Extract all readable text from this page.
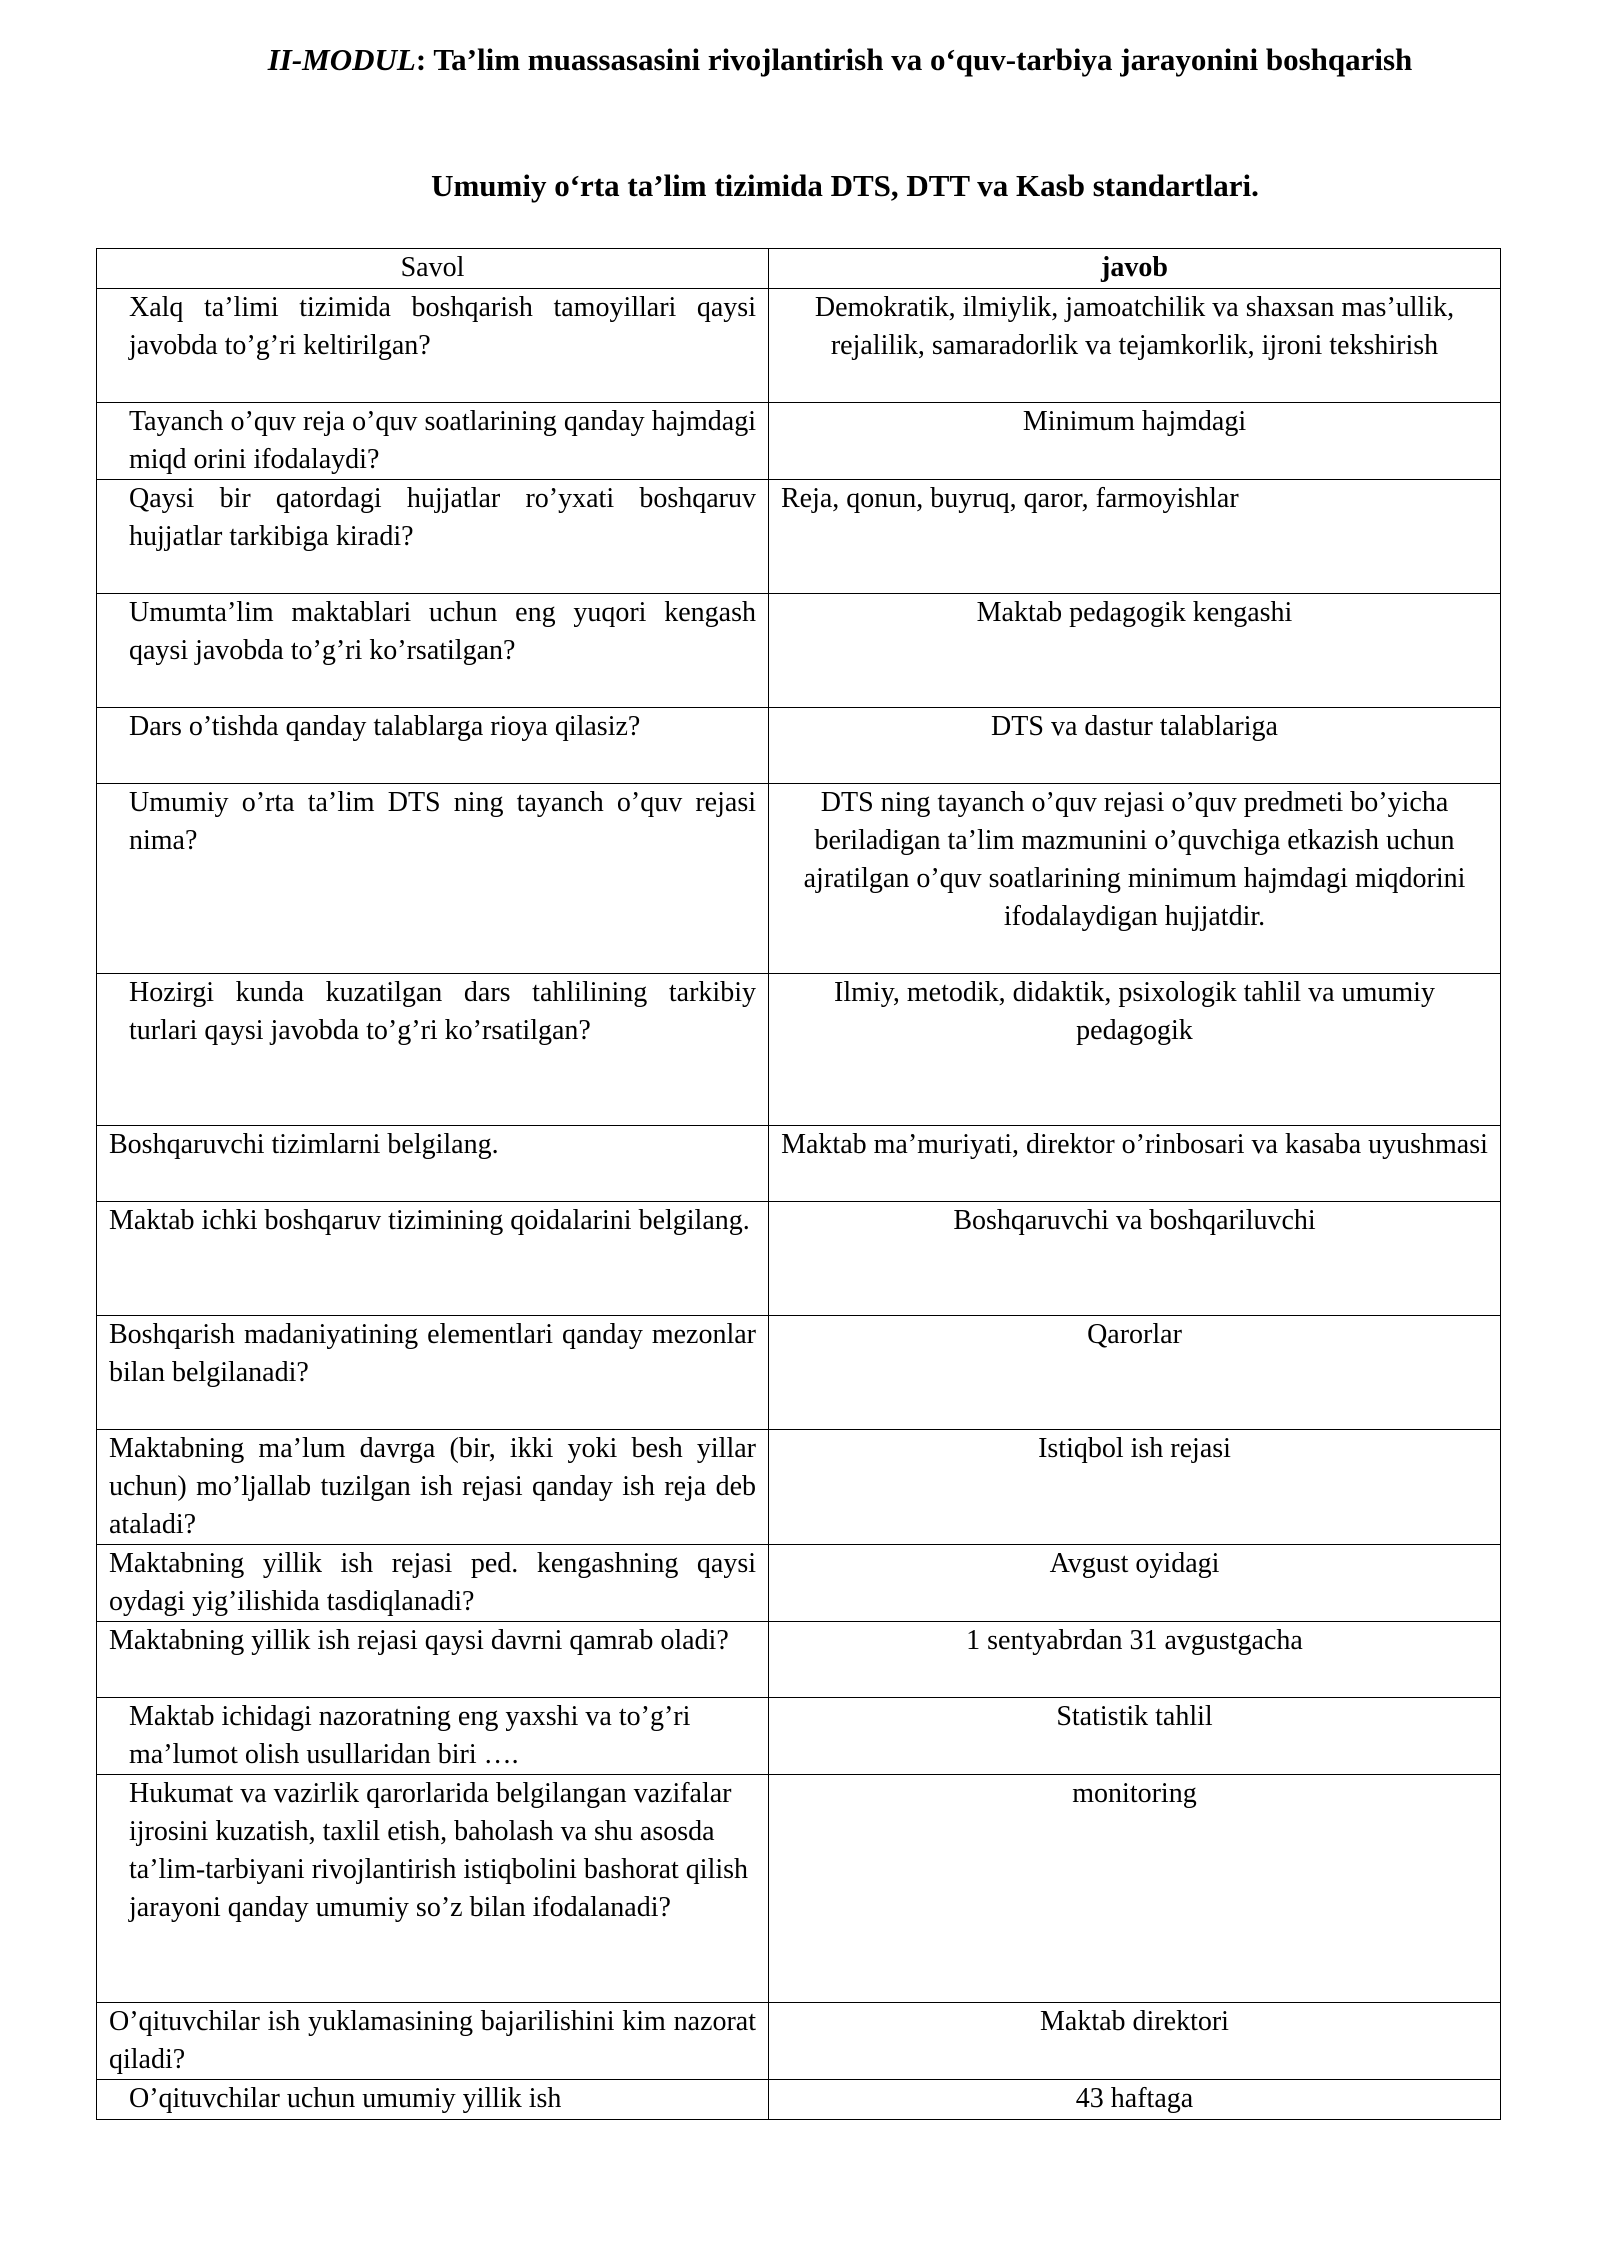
II-MODUL: Ta’lim muassasasini rivojlantirish va o‘quv-tarbiya jarayonini boshqarish

Umumiy o‘rta ta’lim tizimida DTS, DTT va Kasb standartlari.

Savol	javob
Xalq ta’limi tizimida boshqarish tamoyillari qaysi javobda to’g’ri keltirilgan?	Demokratik, ilmiylik, jamoatchilik va shaxsan mas’ullik, rejalilik, samaradorlik va tejamkorlik, ijroni tekshirish
Tayanch o’quv reja o’quv soatlarining qanday hajmdagi miqd orini ifodalaydi?	Minimum hajmdagi
Qaysi bir qatordagi hujjatlar ro’yxati boshqaruv hujjatlar tarkibiga kiradi?	Reja, qonun, buyruq, qaror, farmoyishlar
Umumta’lim maktablari uchun eng yuqori kengash qaysi javobda to’g’ri ko’rsatilgan?	Maktab pedagogik kengashi
Dars o’tishda qanday talablarga rioya qilasiz?	DTS va dastur talablariga
Umumiy o’rta ta’lim DTS ning tayanch o’quv rejasi nima?	DTS ning tayanch o’quv rejasi o’quv predmeti bo’yicha beriladigan ta’lim mazmunini o’quvchiga etkazish uchun ajratilgan o’quv soatlarining minimum hajmdagi miqdorini ifodalaydigan hujjatdir.
Hozirgi kunda kuzatilgan dars tahlilining tarkibiy turlari qaysi javobda to’g’ri ko’rsatilgan?	Ilmiy, metodik, didaktik, psixologik tahlil va umumiy pedagogik
Boshqaruvchi tizimlarni belgilang.	Maktab ma’muriyati, direktor o’rinbosari va kasaba uyushmasi
Maktab ichki boshqaruv tizimining qoidalarini belgilang.	Boshqaruvchi va boshqariluvchi
Boshqarish madaniyatining elementlari qanday mezonlar bilan belgilanadi?	Qarorlar
Maktabning ma’lum davrga (bir, ikki yoki besh yillar uchun) mo’ljallab tuzilgan ish rejasi qanday ish reja deb ataladi?	Istiqbol ish rejasi
Maktabning yillik ish rejasi ped. kengashning qaysi oydagi yig’ilishida tasdiqlanadi?	Avgust oyidagi
Maktabning yillik ish rejasi qaysi davrni qamrab oladi?	1 sentyabrdan 31 avgustgacha
Maktab ichidagi nazoratning eng yaxshi va to’g’ri ma’lumot olish usullaridan biri ….	Statistik tahlil
Hukumat va vazirlik qarorlarida belgilangan vazifalar ijrosini kuzatish, taxlil etish, baholash va shu asosda ta’lim-tarbiyani rivojlantirish istiqbolini bashorat qilish jarayoni qanday umumiy so’z bilan ifodalanadi?	monitoring
O’qituvchilar ish yuklamasining bajarilishini kim nazorat qiladi?	Maktab direktori
O’qituvchilar uchun umumiy yillik ish	43 haftaga
